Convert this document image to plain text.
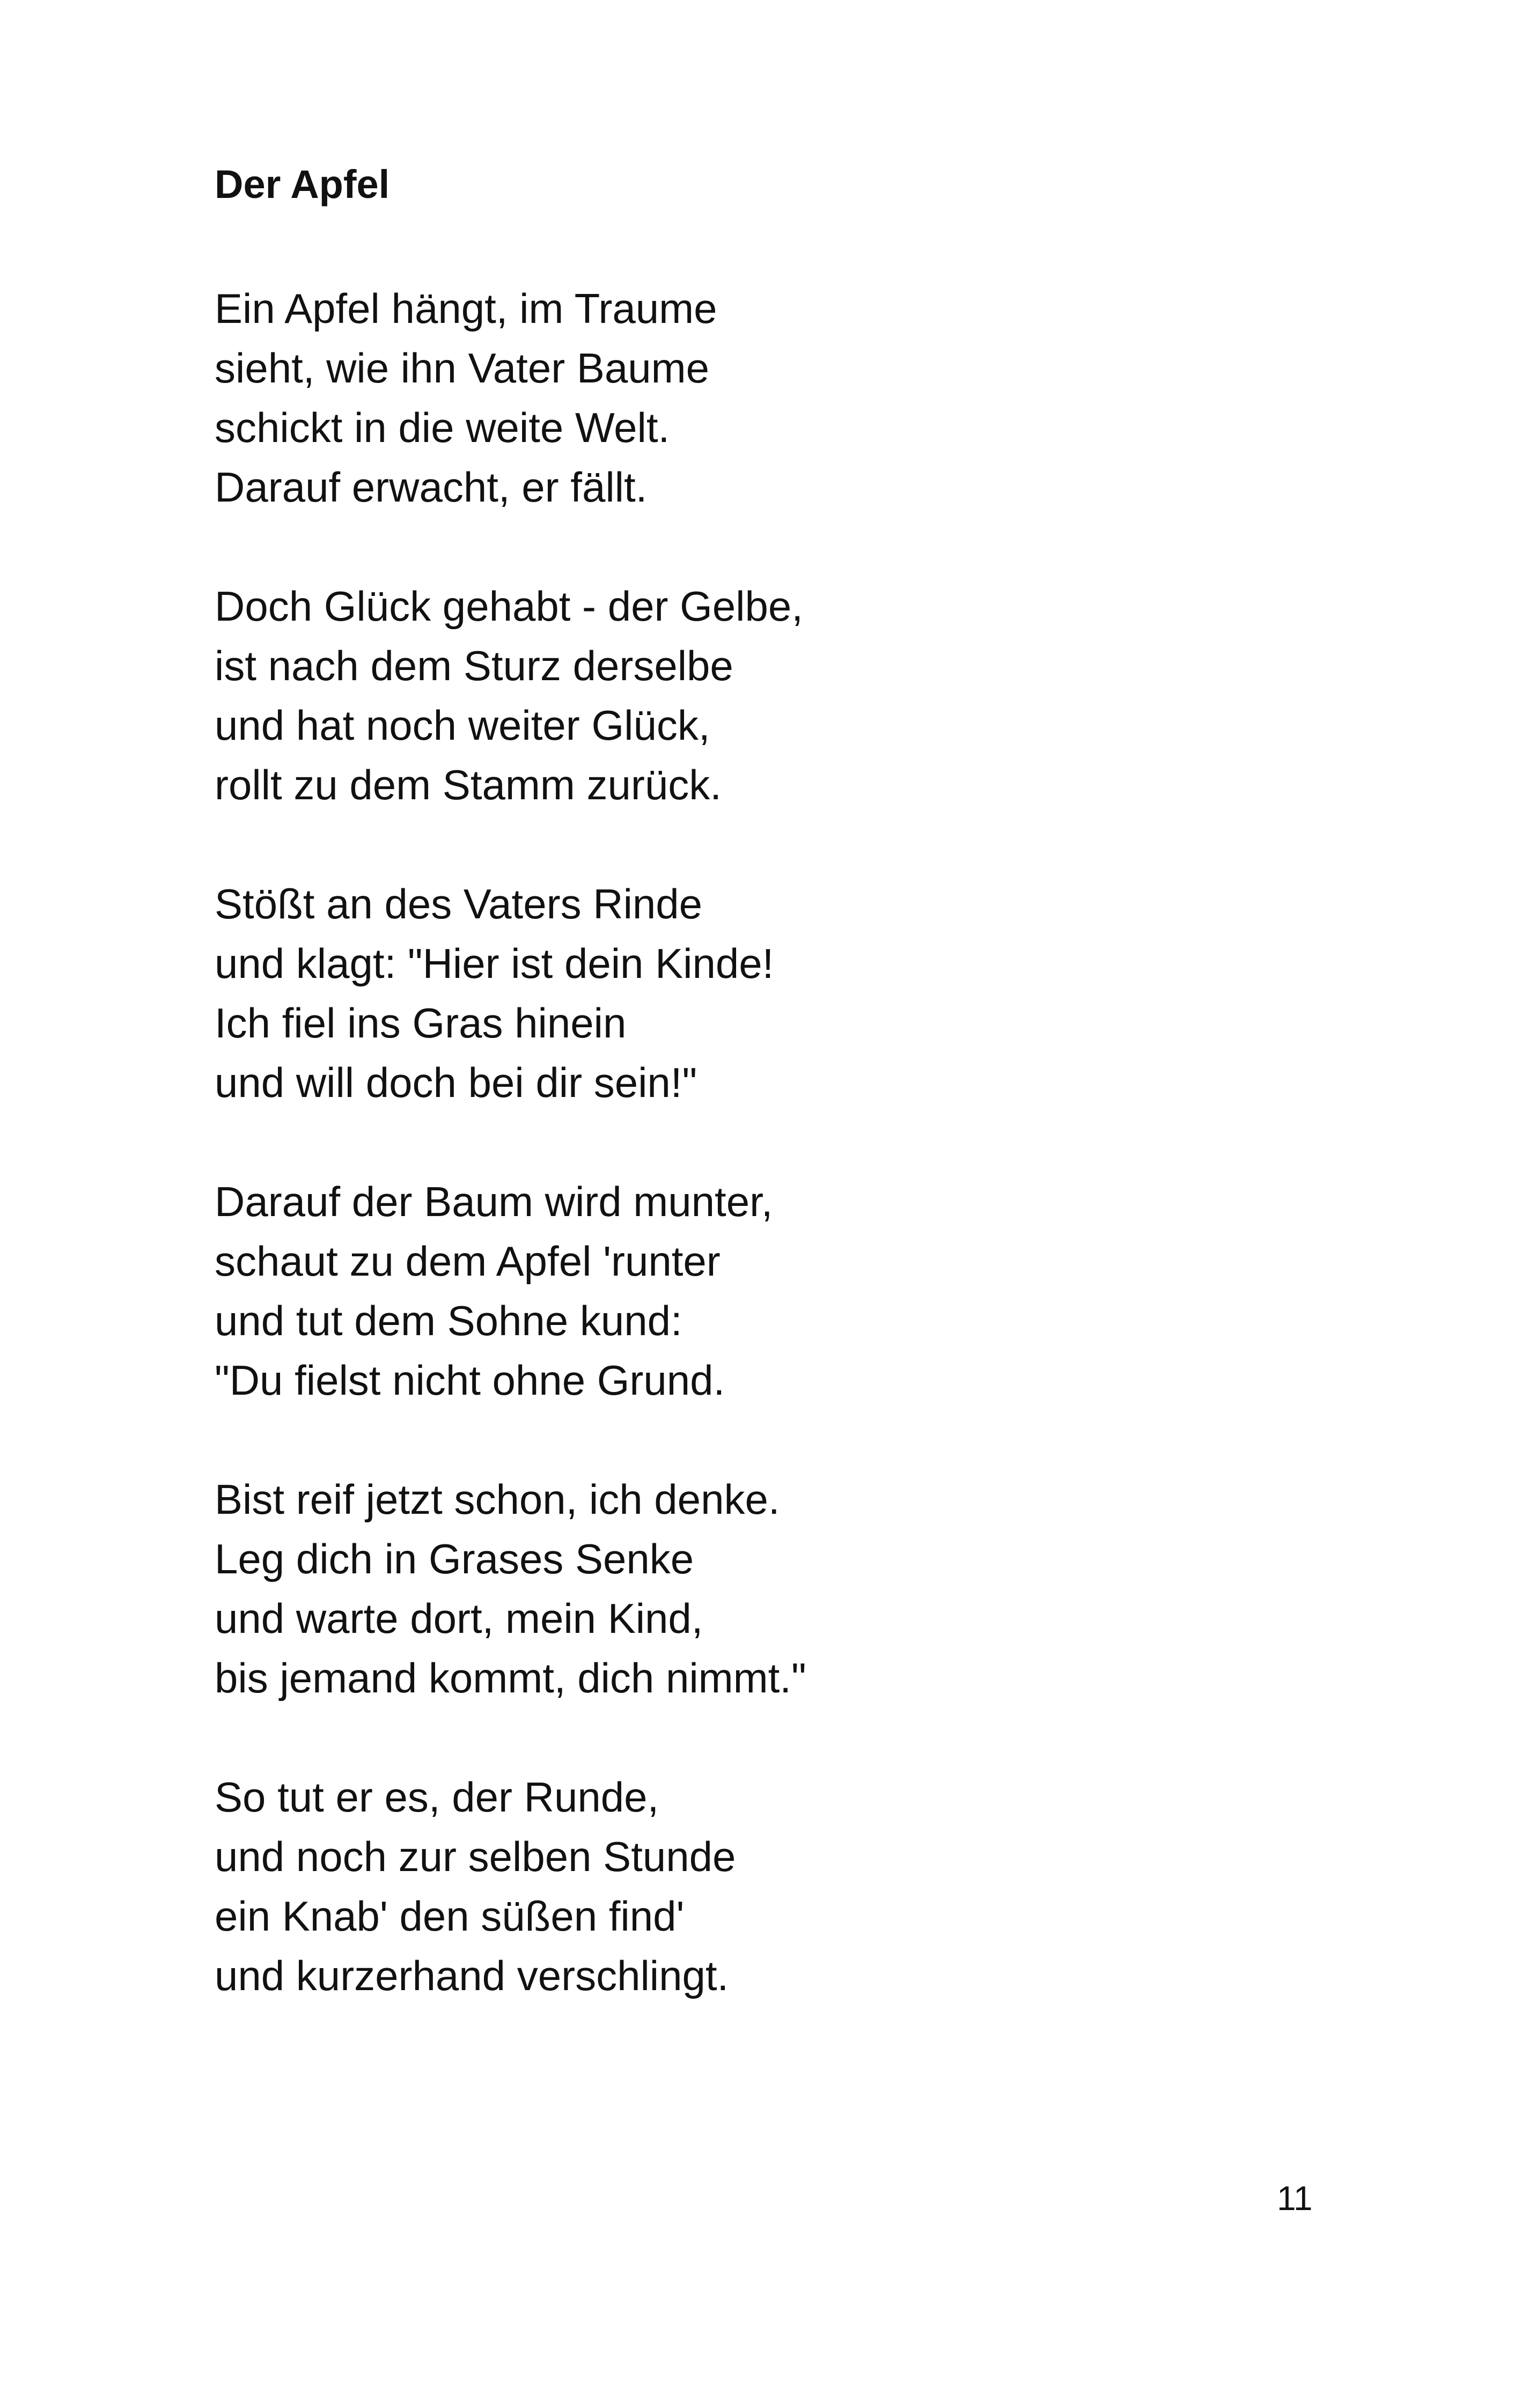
Der Apfel
Ein Apfel hängt, im Traume
sieht, wie ihn Vater Baume
schickt in die weite Welt.
Darauf erwacht, er fällt.
Doch Glück gehabt - der Gelbe,
ist nach dem Sturz derselbe
und hat noch weiter Glück,
rollt zu dem Stamm zurück.
Stößt an des Vaters Rinde
und klagt: "Hier ist dein Kinde!
Ich fiel ins Gras hinein
und will doch bei dir sein!"
Darauf der Baum wird munter,
schaut zu dem Apfel 'runter
und tut dem Sohne kund:
"Du fielst nicht ohne Grund.
Bist reif jetzt schon, ich denke.
Leg dich in Grases Senke
und warte dort, mein Kind,
bis jemand kommt, dich nimmt."
So tut er es, der Runde,
und noch zur selben Stunde
ein Knab' den süßen find'
und kurzerhand verschlingt.
11
